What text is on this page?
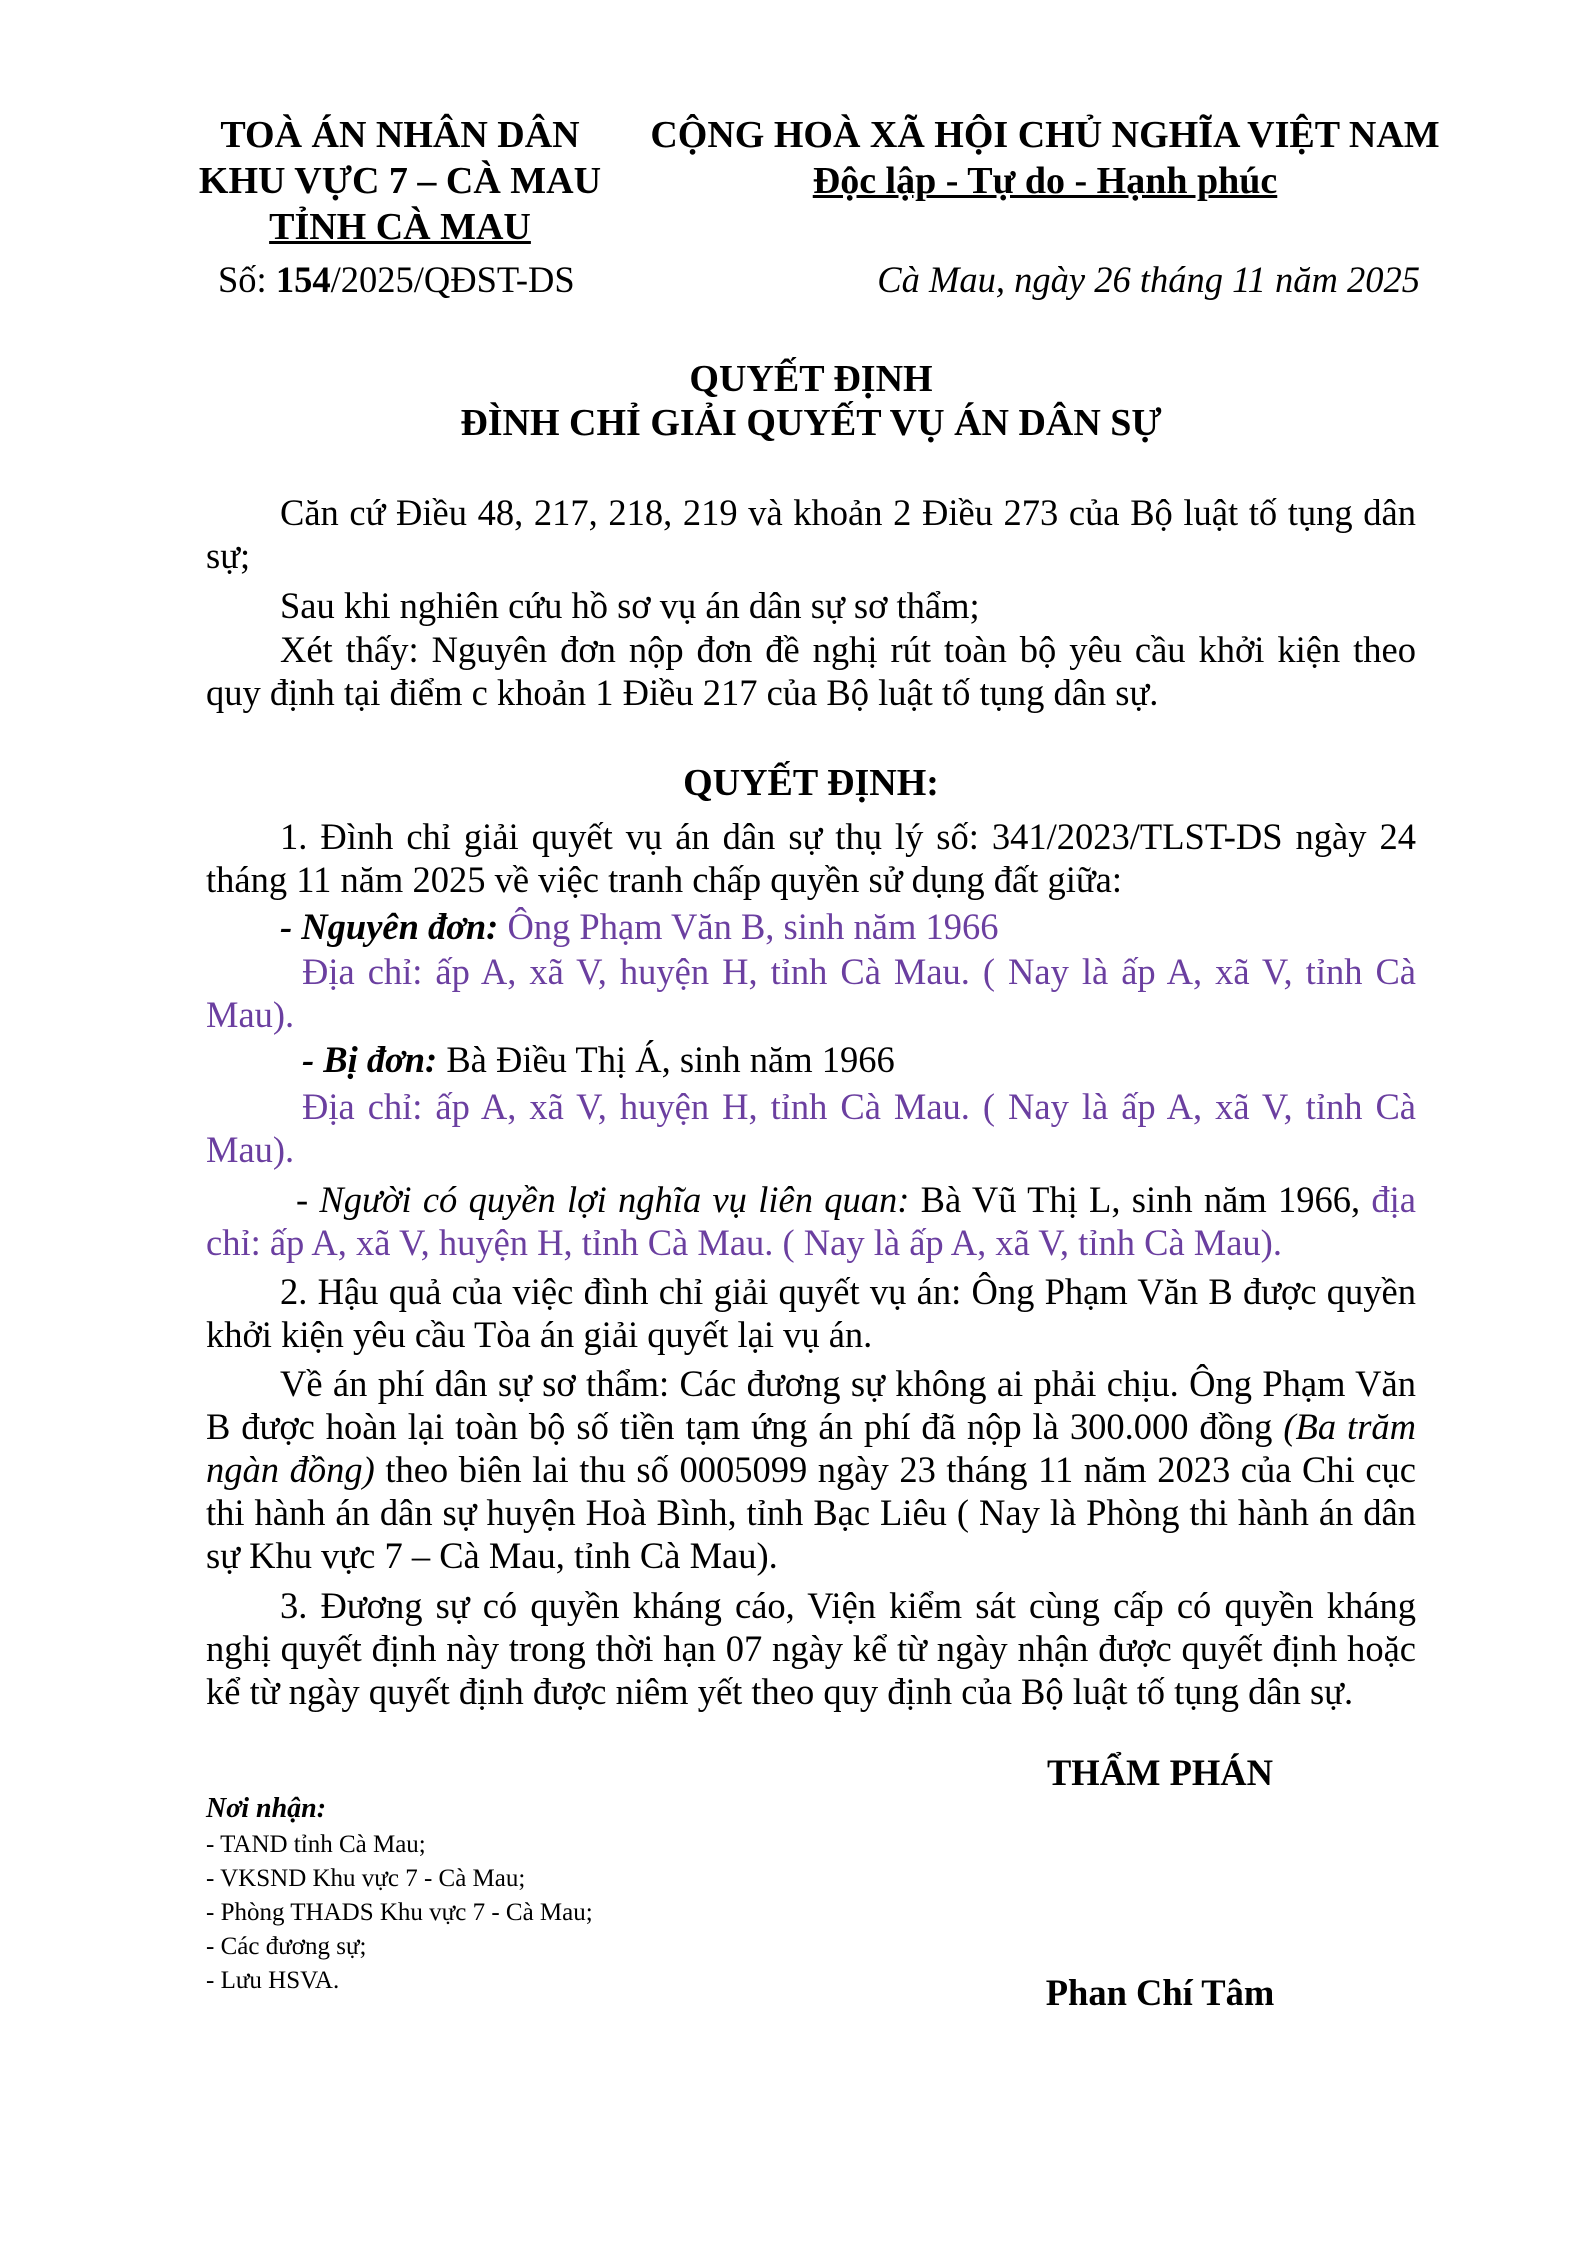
TOÀ ÁN NHÂN DÂN
KHU VỰC 7 – CÀ MAU
TỈNH CÀ MAU
CỘNG HOÀ XÃ HỘI CHỦ NGHĨA VIỆT NAM
Độc lập - Tự do - Hạnh phúc
Số: 154/2025/QĐST-DS	Cà Mau, ngày 26 tháng 11 năm 2025
QUYẾT ĐỊNH
ĐÌNH CHỈ GIẢI QUYẾT VỤ ÁN DÂN SỰ
Căn cứ Điều 48, 217, 218, 219 và khoản 2 Điều 273 của Bộ luật tố tụng dân sự;
Sau khi nghiên cứu hồ sơ vụ án dân sự sơ thẩm;
Xét thấy: Nguyên đơn nộp đơn đề nghị rút toàn bộ yêu cầu khởi kiện theo quy định tại điểm c khoản 1 Điều 217 của Bộ luật tố tụng dân sự.
QUYẾT ĐỊNH:
1. Đình chỉ giải quyết vụ án dân sự thụ lý số: 341/2023/TLST-DS ngày 24 tháng 11 năm 2025 về việc tranh chấp quyền sử dụng đất giữa:
- Nguyên đơn: Ông Phạm Văn B, sinh năm 1966
Địa chỉ: ấp A, xã V, huyện H, tỉnh Cà Mau. ( Nay là ấp A, xã V, tỉnh Cà Mau).
- Bị đơn: Bà Điều Thị Á, sinh năm 1966
Địa chỉ: ấp A, xã V, huyện H, tỉnh Cà Mau. ( Nay là ấp A, xã V, tỉnh Cà Mau).
- Người có quyền lợi nghĩa vụ liên quan: Bà Vũ Thị L, sinh năm 1966, địa chỉ: ấp A, xã V, huyện H, tỉnh Cà Mau. ( Nay là ấp A, xã V, tỉnh Cà Mau).
2. Hậu quả của việc đình chỉ giải quyết vụ án: Ông Phạm Văn B được quyền khởi kiện yêu cầu Tòa án giải quyết lại vụ án.
Về án phí dân sự sơ thẩm: Các đương sự không ai phải chịu. Ông Phạm Văn B được hoàn lại toàn bộ số tiền tạm ứng án phí đã nộp là 300.000 đồng (Ba trăm ngàn đồng) theo biên lai thu số 0005099 ngày 23 tháng 11 năm 2023 của Chi cục thi hành án dân sự huyện Hoà Bình, tỉnh Bạc Liêu ( Nay là Phòng thi hành án dân sự Khu vực 7 – Cà Mau, tỉnh Cà Mau).
3. Đương sự có quyền kháng cáo, Viện kiểm sát cùng cấp có quyền kháng nghị quyết định này trong thời hạn 07 ngày kể từ ngày nhận được quyết định hoặc kể từ ngày quyết định được niêm yết theo quy định của Bộ luật tố tụng dân sự.
THẨM PHÁN
Phan Chí Tâm
Nơi nhận:
- TAND tỉnh Cà Mau;
- VKSND Khu vực 7 - Cà Mau;
- Phòng THADS Khu vực 7 - Cà Mau;
- Các đương sự;
- Lưu HSVA.
